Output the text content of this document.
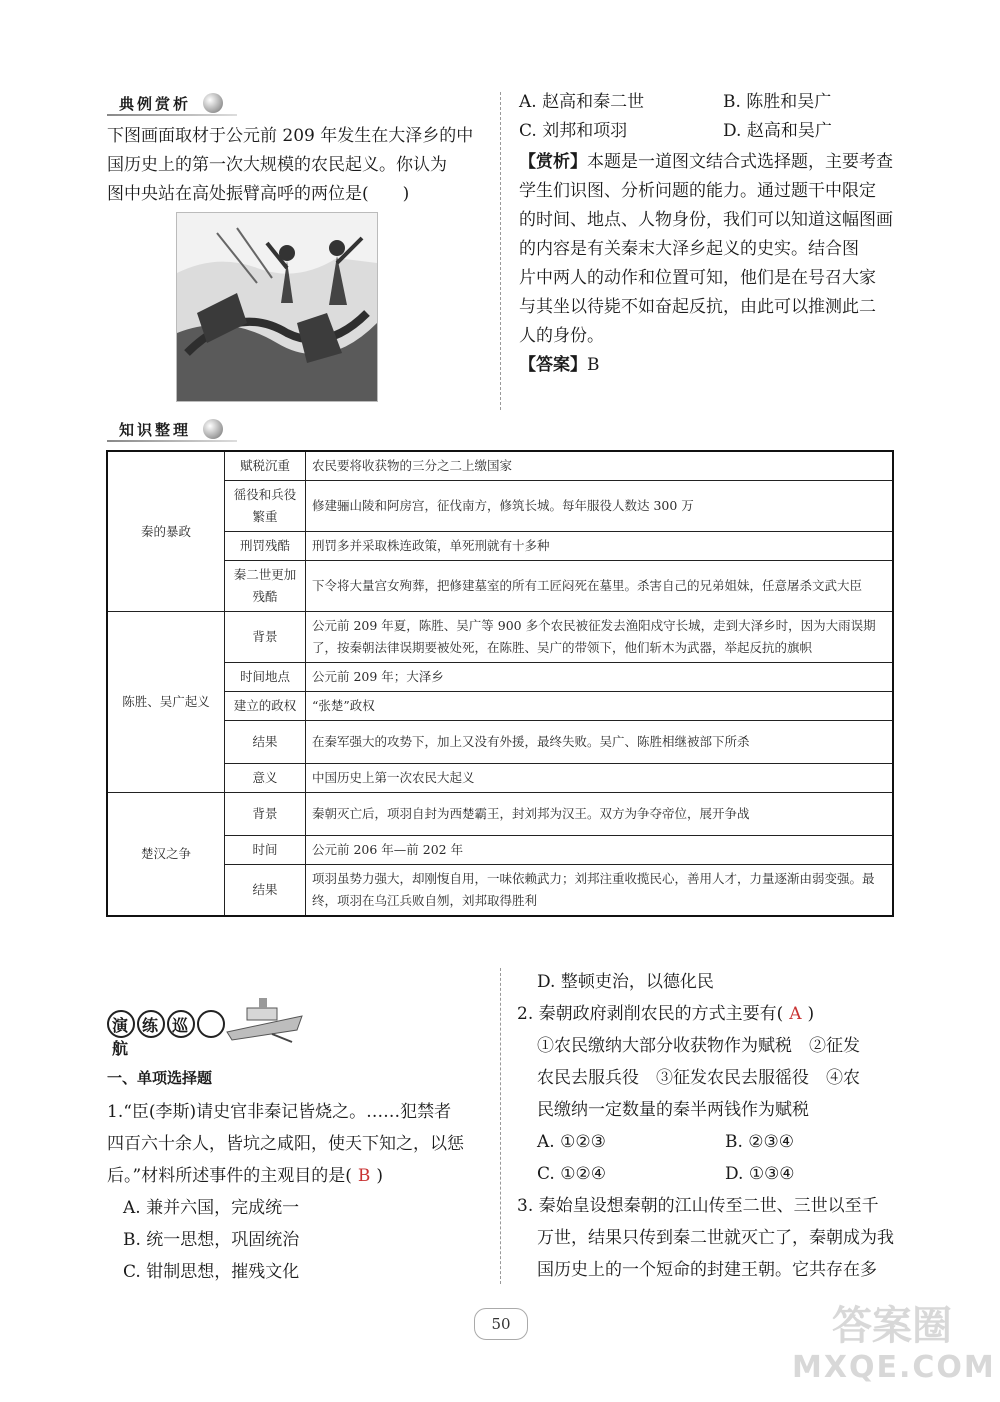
典例赏析
下图画面取材于公元前 209 年发生在大泽乡的中
国历史上的第一次大规模的农民起义。你认为
图中央站在高处振臂高呼的两位是(　　)
A. 赵高和秦二世	B. 陈胜和吴广
C. 刘邦和项羽	D. 赵高和吴广
【赏析】本题是一道图文结合式选择题，主要考查
学生们识图、分析问题的能力。通过题干中限定
的时间、地点、人物身份，我们可以知道这幅图画
的内容是有关秦末大泽乡起义的史实。结合图
片中两人的动作和位置可知，他们是在号召大家
与其坐以待毙不如奋起反抗，由此可以推测此二
人的身份。
【答案】B
知识整理
秦的暴政	赋税沉重	农民要将收获物的三分之二上缴国家
	徭役和兵役繁重	修建骊山陵和阿房宫，征伐南方，修筑长城。每年服役人数达 300 万
	刑罚残酷	刑罚多并采取株连政策，单死刑就有十多种
	秦二世更加残酷	下令将大量宫女殉葬，把修建墓室的所有工匠闷死在墓里。杀害自己的兄弟姐妹，任意屠杀文武大臣
陈胜、吴广起义	背景	公元前 209 年夏，陈胜、吴广等 900 多个农民被征发去渔阳戍守长城，走到大泽乡时，因为大雨误期了，按秦朝法律误期要被处死，在陈胜、吴广的带领下，他们斩木为武器，举起反抗的旗帜
	时间地点	公元前 209 年；大泽乡
	建立的政权	“张楚”政权
	结果	在秦军强大的攻势下，加上又没有外援，最终失败。吴广、陈胜相继被部下所杀
	意义	中国历史上第一次农民大起义
楚汉之争	背景	秦朝灭亡后，项羽自封为西楚霸王，封刘邦为汉王。双方为争夺帝位，展开争战
	时间	公元前 206 年—前 202 年
	结果	项羽虽势力强大，却刚愎自用，一味依赖武力；刘邦注重收揽民心，善用人才，力量逐渐由弱变强。最终，项羽在乌江兵败自刎，刘邦取得胜利
演练巡航
一、单项选择题
1.“臣(李斯)请史官非秦记皆烧之。……犯禁者
四百六十余人，皆坑之咸阳，使天下知之，以惩
后。”材料所述事件的主观目的是( B )
A. 兼并六国，完成统一
B. 统一思想，巩固统治
C. 钳制思想，摧残文化
D. 整顿吏治，以德化民
2. 秦朝政府剥削农民的方式主要有( A )
①农民缴纳大部分收获物作为赋税　②征发
农民去服兵役　③征发农民去服徭役　④农
民缴纳一定数量的秦半两钱作为赋税
A. ①②③	B. ②③④
C. ①②④	D. ①③④
3. 秦始皇设想秦朝的江山传至二世、三世以至千
万世，结果只传到秦二世就灭亡了，秦朝成为我
国历史上的一个短命的封建王朝。它共存在多
50	答案圈
MXQE.COM
